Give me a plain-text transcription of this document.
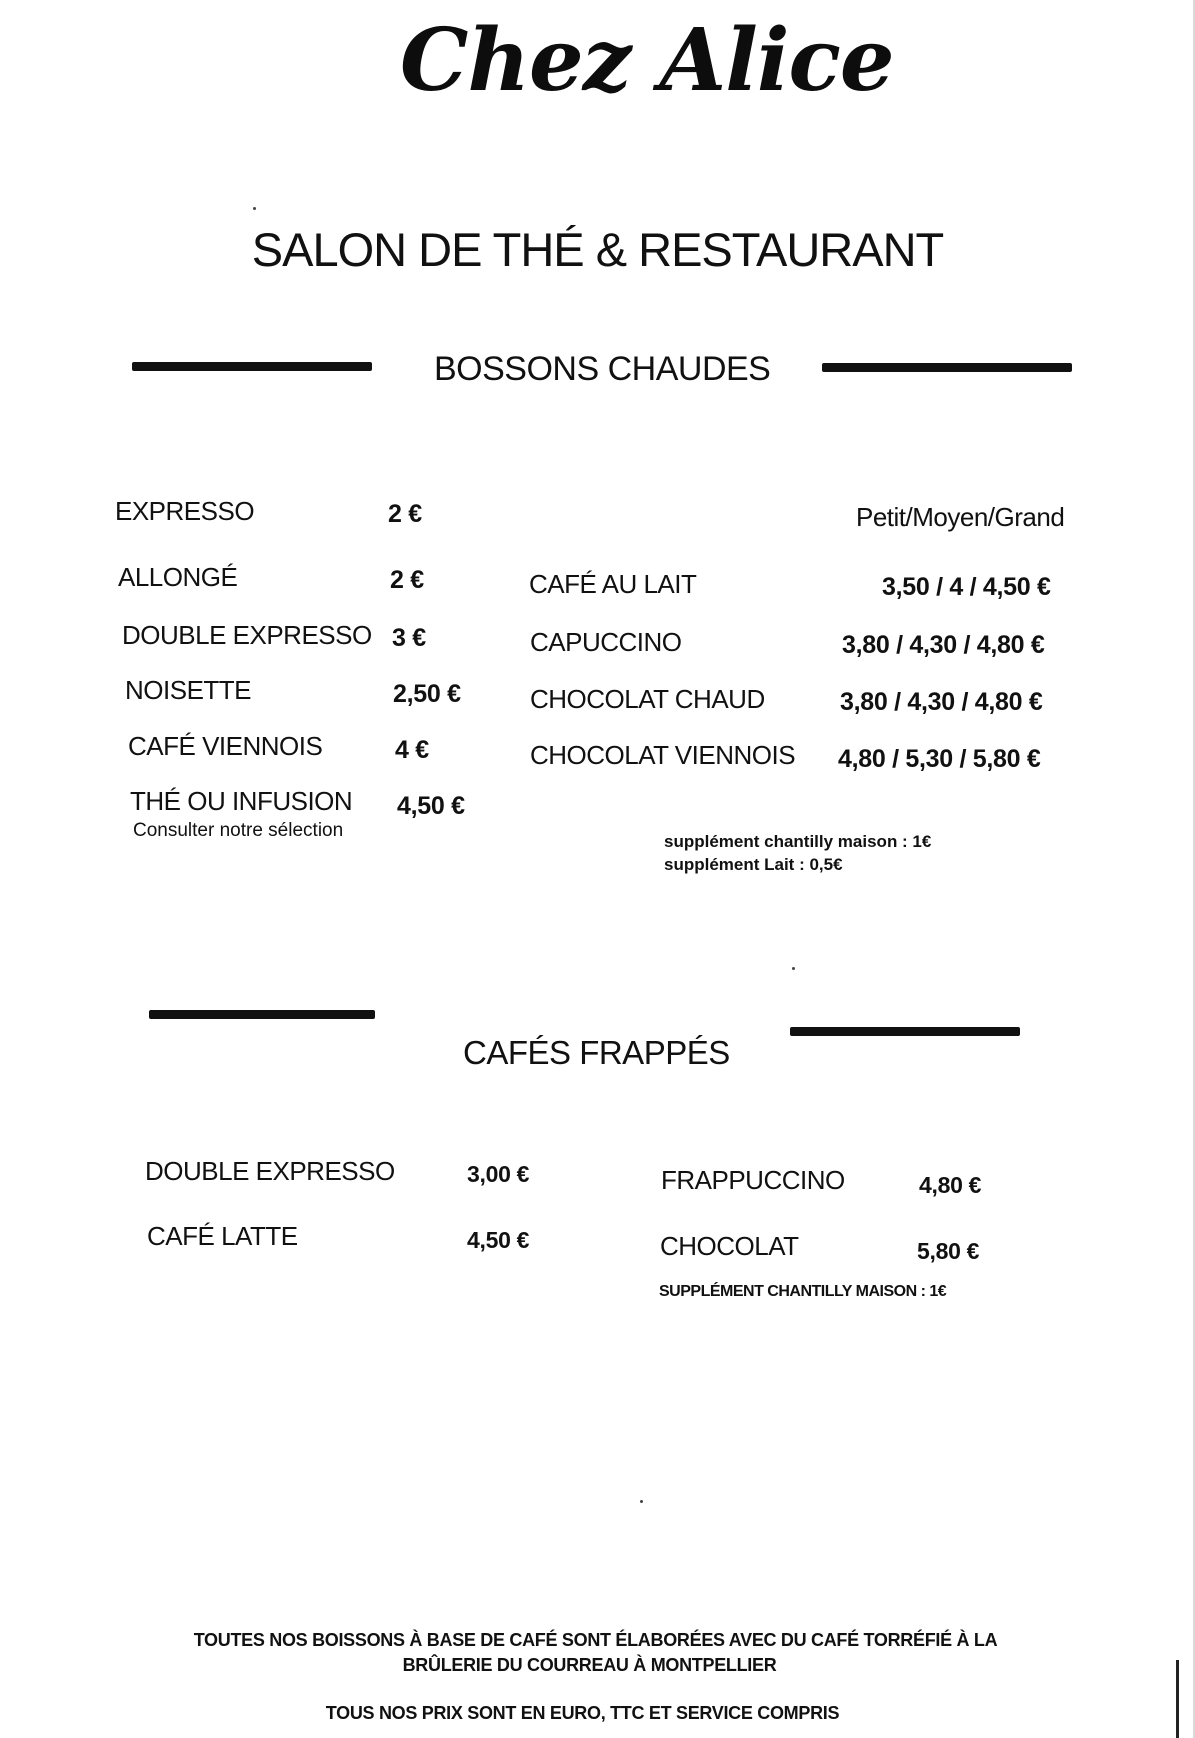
Chez Alice
SALON DE THÉ & RESTAURANT
BOSSONS CHAUDES
Petit/Moyen/Grand
EXPRESSO	2 €
ALLONGÉ	2 €
DOUBLE EXPRESSO 3 €
NOISETTE	2,50 €
CAFÉ VIENNOIS	4 €
THÉ OU INFUSION 4,50 €
Consulter notre sélection
CAFÉ AU LAIT	3,50 / 4 / 4,50 €
CAPUCCINO	3,80 / 4,30 / 4,80 €
CHOCOLAT CHAUD	3,80 / 4,30 / 4,80 €
CHOCOLAT VIENNOIS 4,80 / 5,30 / 5,80 €
supplément chantilly maison : 1€
supplément Lait : 0,5€
CAFÉS FRAPPÉS
DOUBLE EXPRESSO	3,00 €
CAFÉ LATTE	4,50 €
FRAPPUCCINO	4,80 €
CHOCOLAT	5,80 €
SUPPLÉMENT CHANTILLY MAISON : 1€
TOUTES NOS BOISSONS À BASE DE CAFÉ SONT ÉLABORÉES AVEC DU CAFÉ TORRÉFIÉ À LA
BRÛLERIE DU COURREAU À MONTPELLIER
TOUS NOS PRIX SONT EN EURO, TTC ET SERVICE COMPRIS
